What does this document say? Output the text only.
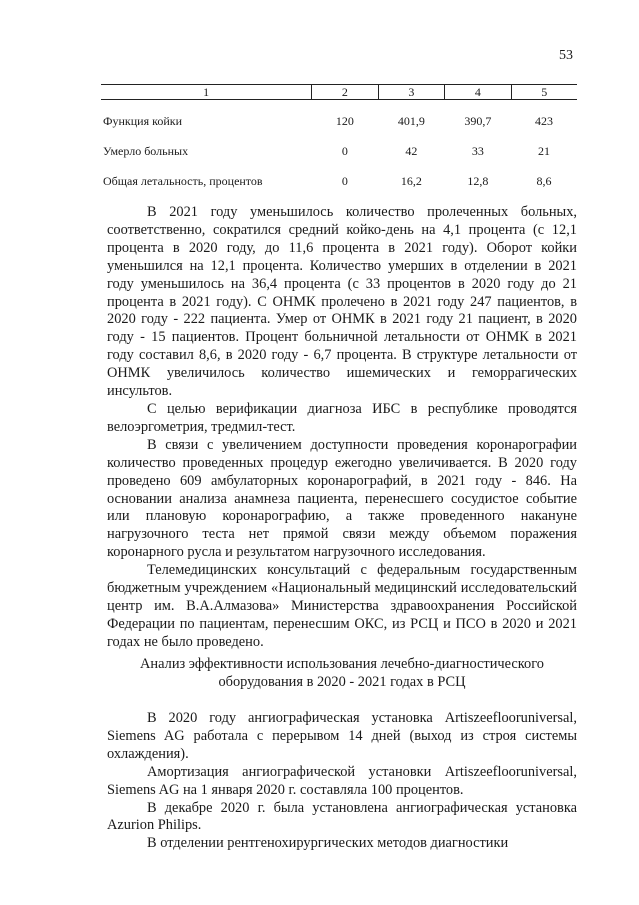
53
1	2	3	4	5
Функция койки	120	401,9	390,7	423
Умерло больных	0	42	33	21
Общая летальность, процентов	0	16,2	12,8	8,6

В 2021 году уменьшилось количество пролеченных больных, соответственно, сократился средний койко-день на 4,1 процента (с 12,1 процента в 2020 году, до 11,6 процента в 2021 году). Оборот койки уменьшился на 12,1 процента. Количество умерших в отделении в 2021 году уменьшилось на 36,4 процента (с 33 процентов в 2020 году до 21 процента в 2021 году). С ОНМК пролечено в 2021 году 247 пациентов, в 2020 году - 222 пациента. Умер от ОНМК в 2021 году 21 пациент, в 2020 году - 15 пациентов. Процент больничной летальности от ОНМК в 2021 году составил 8,6, в 2020 году - 6,7 процента. В структуре летальности от ОНМК увеличилось количество ишемических и геморрагических инсультов.

С целью верификации диагноза ИБС в республике проводятся велоэргометрия, тредмил-тест.

В связи с увеличением доступности проведения коронарографии количество проведенных процедур ежегодно увеличивается. В 2020 году проведено 609 амбулаторных коронарографий, в 2021 году - 846. На основании анализа анамнеза пациента, перенесшего сосудистое событие или плановую коронарографию, а также проведенного накануне нагрузочного теста нет прямой связи между объемом поражения коронарного русла и результатом нагрузочного исследования.

Телемедицинских консультаций с федеральным государственным бюджетным учреждением «Национальный медицинский исследовательский центр им. В.А.Алмазова» Министерства здравоохранения Российской Федерации по пациентам, перенесшим ОКС, из РСЦ и ПСО в 2020 и 2021 годах не было проведено.

Анализ эффективности использования лечебно-диагностического
оборудования в 2020 - 2021 годах в РСЦ

В 2020 году ангиографическая установка Artiszeeflooruniversal, Siemens AG работала с перерывом 14 дней (выход из строя системы охлаждения).

Амортизация ангиографической установки Artiszeeflooruniversal, Siemens AG на 1 января 2020 г. составляла 100 процентов.

В декабре 2020 г. была установлена ангиографическая установка Azurion Philips.

В отделении рентгенохирургических методов диагностики
